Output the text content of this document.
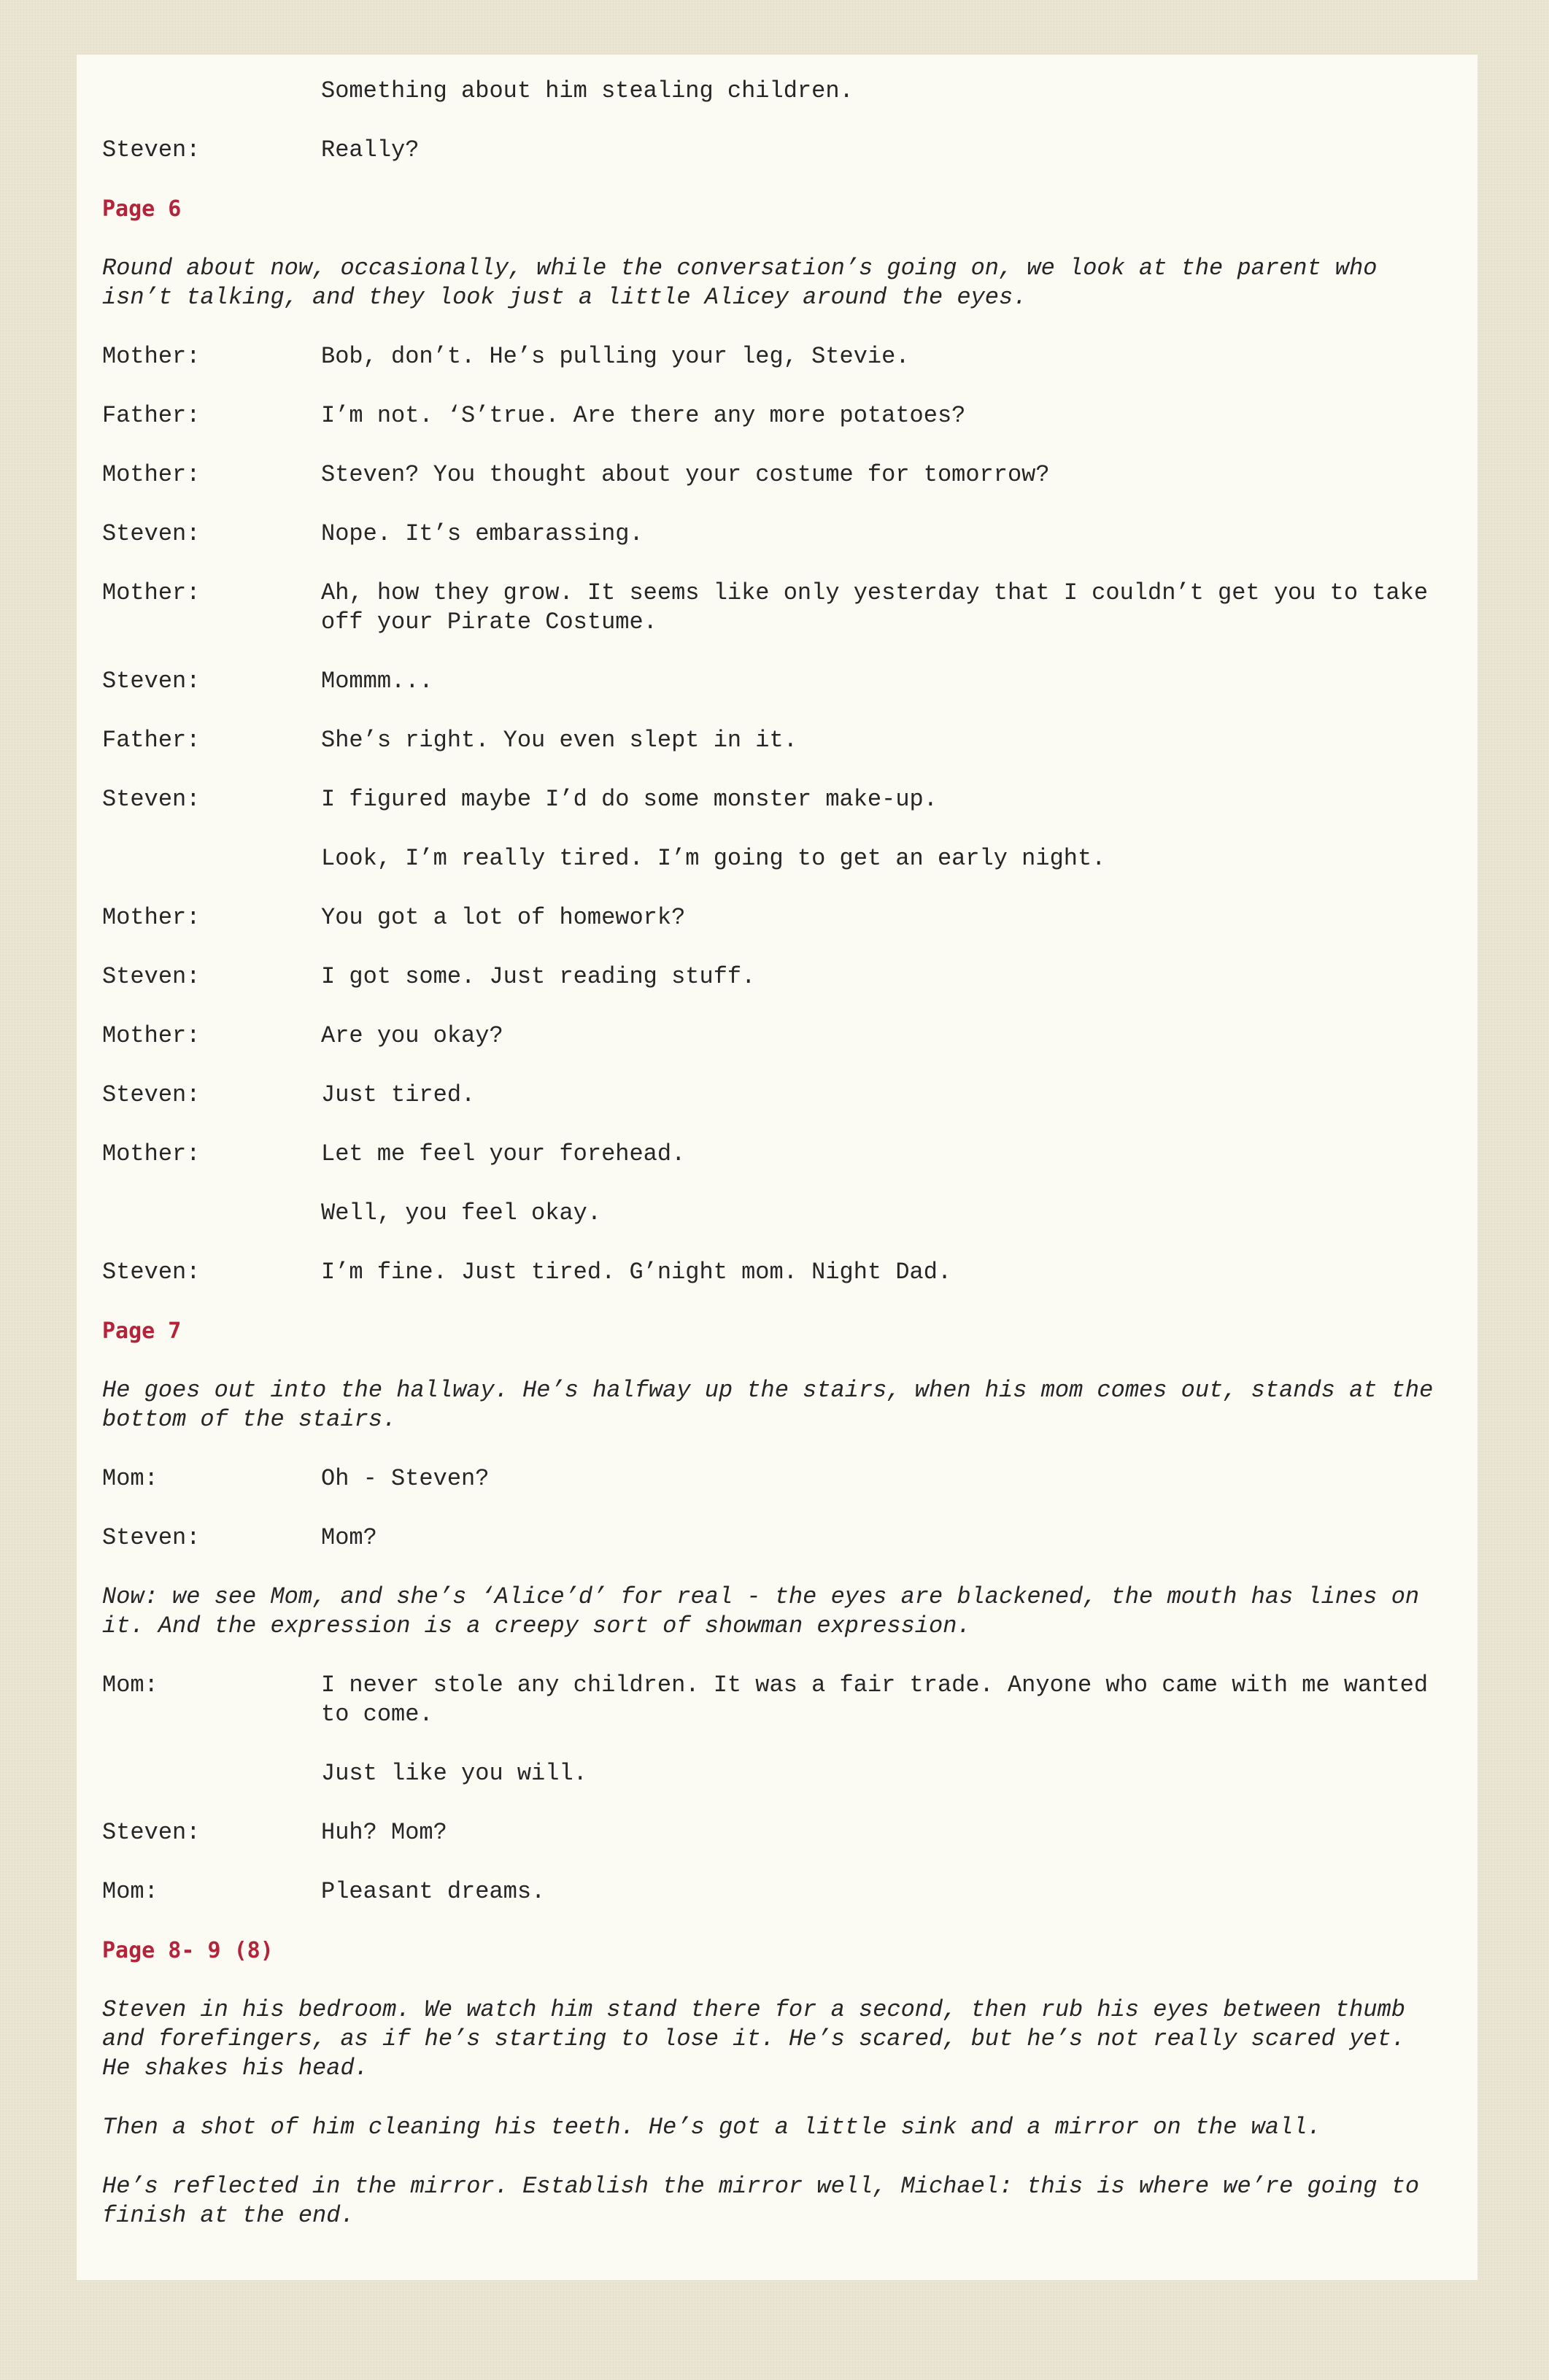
Something about him stealing children.
Steven:	Really?
Page 6
Round about now, occasionally, while the conversation’s going on, we look at the parent who isn’t talking, and they look just a little Alicey around the eyes.
Mother:	Bob, don’t. He’s pulling your leg, Stevie.
Father:	I’m not. ‘S’true. Are there any more potatoes?
Mother:	Steven? You thought about your costume for tomorrow?
Steven:	Nope. It’s embarassing.
Mother:	Ah, how they grow. It seems like only yesterday that I couldn’t get you to take off your Pirate Costume.
Steven:	Mommm...
Father:	She’s right. You even slept in it.
Steven:	I figured maybe I’d do some monster make-up.
Look, I’m really tired. I’m going to get an early night.
Mother:	You got a lot of homework?
Steven:	I got some. Just reading stuff.
Mother:	Are you okay?
Steven:	Just tired.
Mother:	Let me feel your forehead.
Well, you feel okay.
Steven:	I’m fine. Just tired. G’night mom. Night Dad.
Page 7
He goes out into the hallway. He’s halfway up the stairs, when his mom comes out, stands at the bottom of the stairs.
Mom:	Oh - Steven?
Steven:	Mom?
Now: we see Mom, and she’s ‘Alice’d’ for real - the eyes are blackened, the mouth has lines on it. And the expression is a creepy sort of showman expression.
Mom:	I never stole any children. It was a fair trade. Anyone who came with me wanted to come.
Just like you will.
Steven:	Huh? Mom?
Mom:	Pleasant dreams.
Page 8- 9 (8)
Steven in his bedroom. We watch him stand there for a second, then rub his eyes between thumb and forefingers, as if he’s starting to lose it. He’s scared, but he’s not really scared yet. He shakes his head.
Then a shot of him cleaning his teeth. He’s got a little sink and a mirror on the wall.
He’s reflected in the mirror. Establish the mirror well, Michael: this is where we’re going to finish at the end.
